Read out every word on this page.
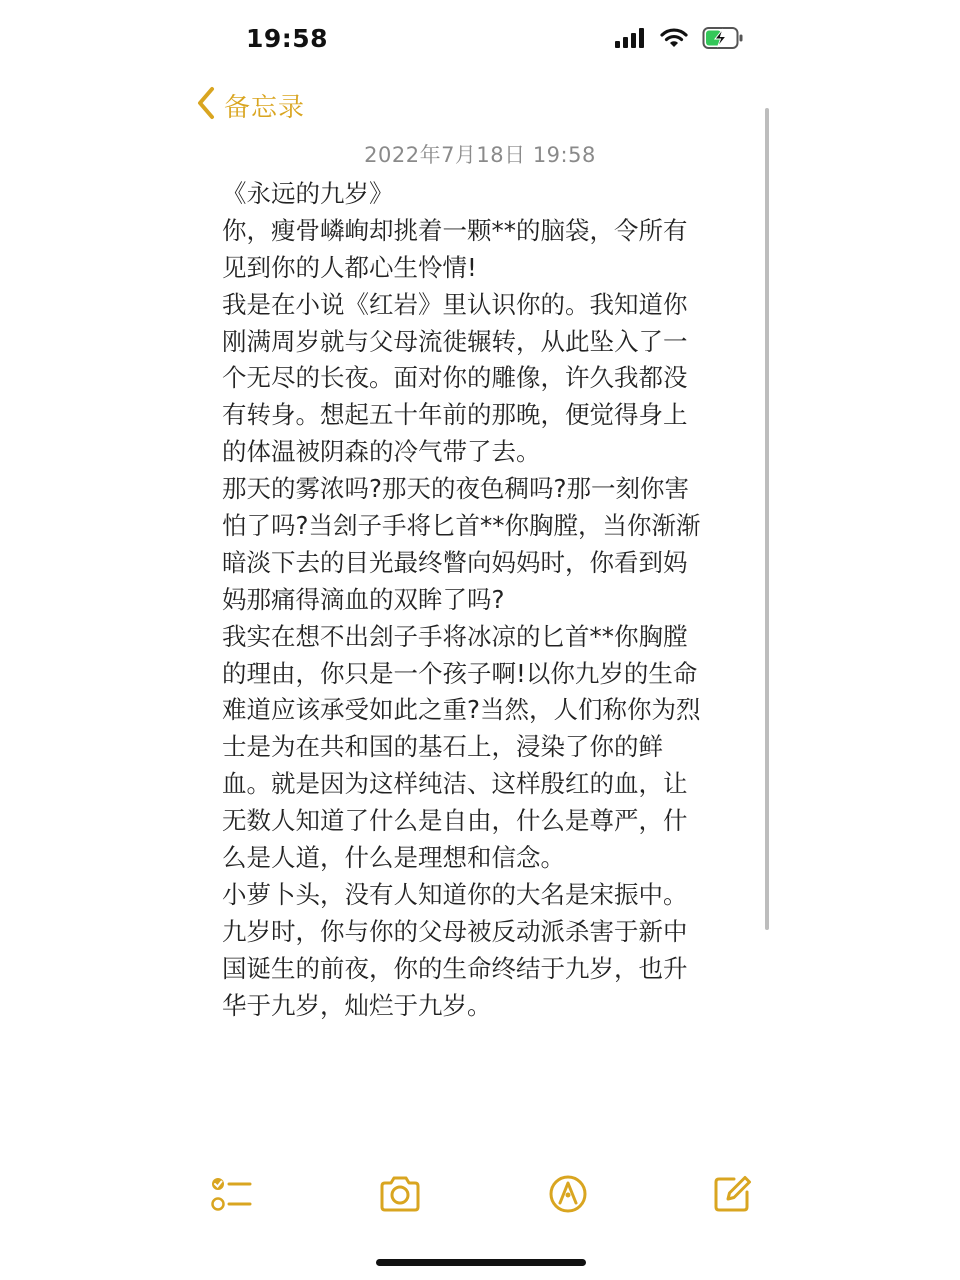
19:58
备忘录
2022年7月18日 19:58
《永远的九岁》
你，瘦骨嶙峋却挑着一颗**的脑袋，令所有
见到你的人都心生怜情!
我是在小说《红岩》里认识你的。我知道你
刚满周岁就与父母流徙辗转，从此坠入了一
个无尽的长夜。面对你的雕像，许久我都没
有转身。想起五十年前的那晚，便觉得身上
的体温被阴森的冷气带了去。
那天的雾浓吗?那天的夜色稠吗?那一刻你害
怕了吗?当刽子手将匕首**你胸膛，当你渐渐
暗淡下去的目光最终瞥向妈妈时，你看到妈
妈那痛得滴血的双眸了吗?
我实在想不出刽子手将冰凉的匕首**你胸膛
的理由，你只是一个孩子啊!以你九岁的生命
难道应该承受如此之重?当然，人们称你为烈
士是为在共和国的基石上，浸染了你的鲜
血。就是因为这样纯洁、这样殷红的血，让
无数人知道了什么是自由，什么是尊严，什
么是人道，什么是理想和信念。
小萝卜头，没有人知道你的大名是宋振中。
九岁时，你与你的父母被反动派杀害于新中
国诞生的前夜，你的生命终结于九岁，也升
华于九岁，灿烂于九岁。
